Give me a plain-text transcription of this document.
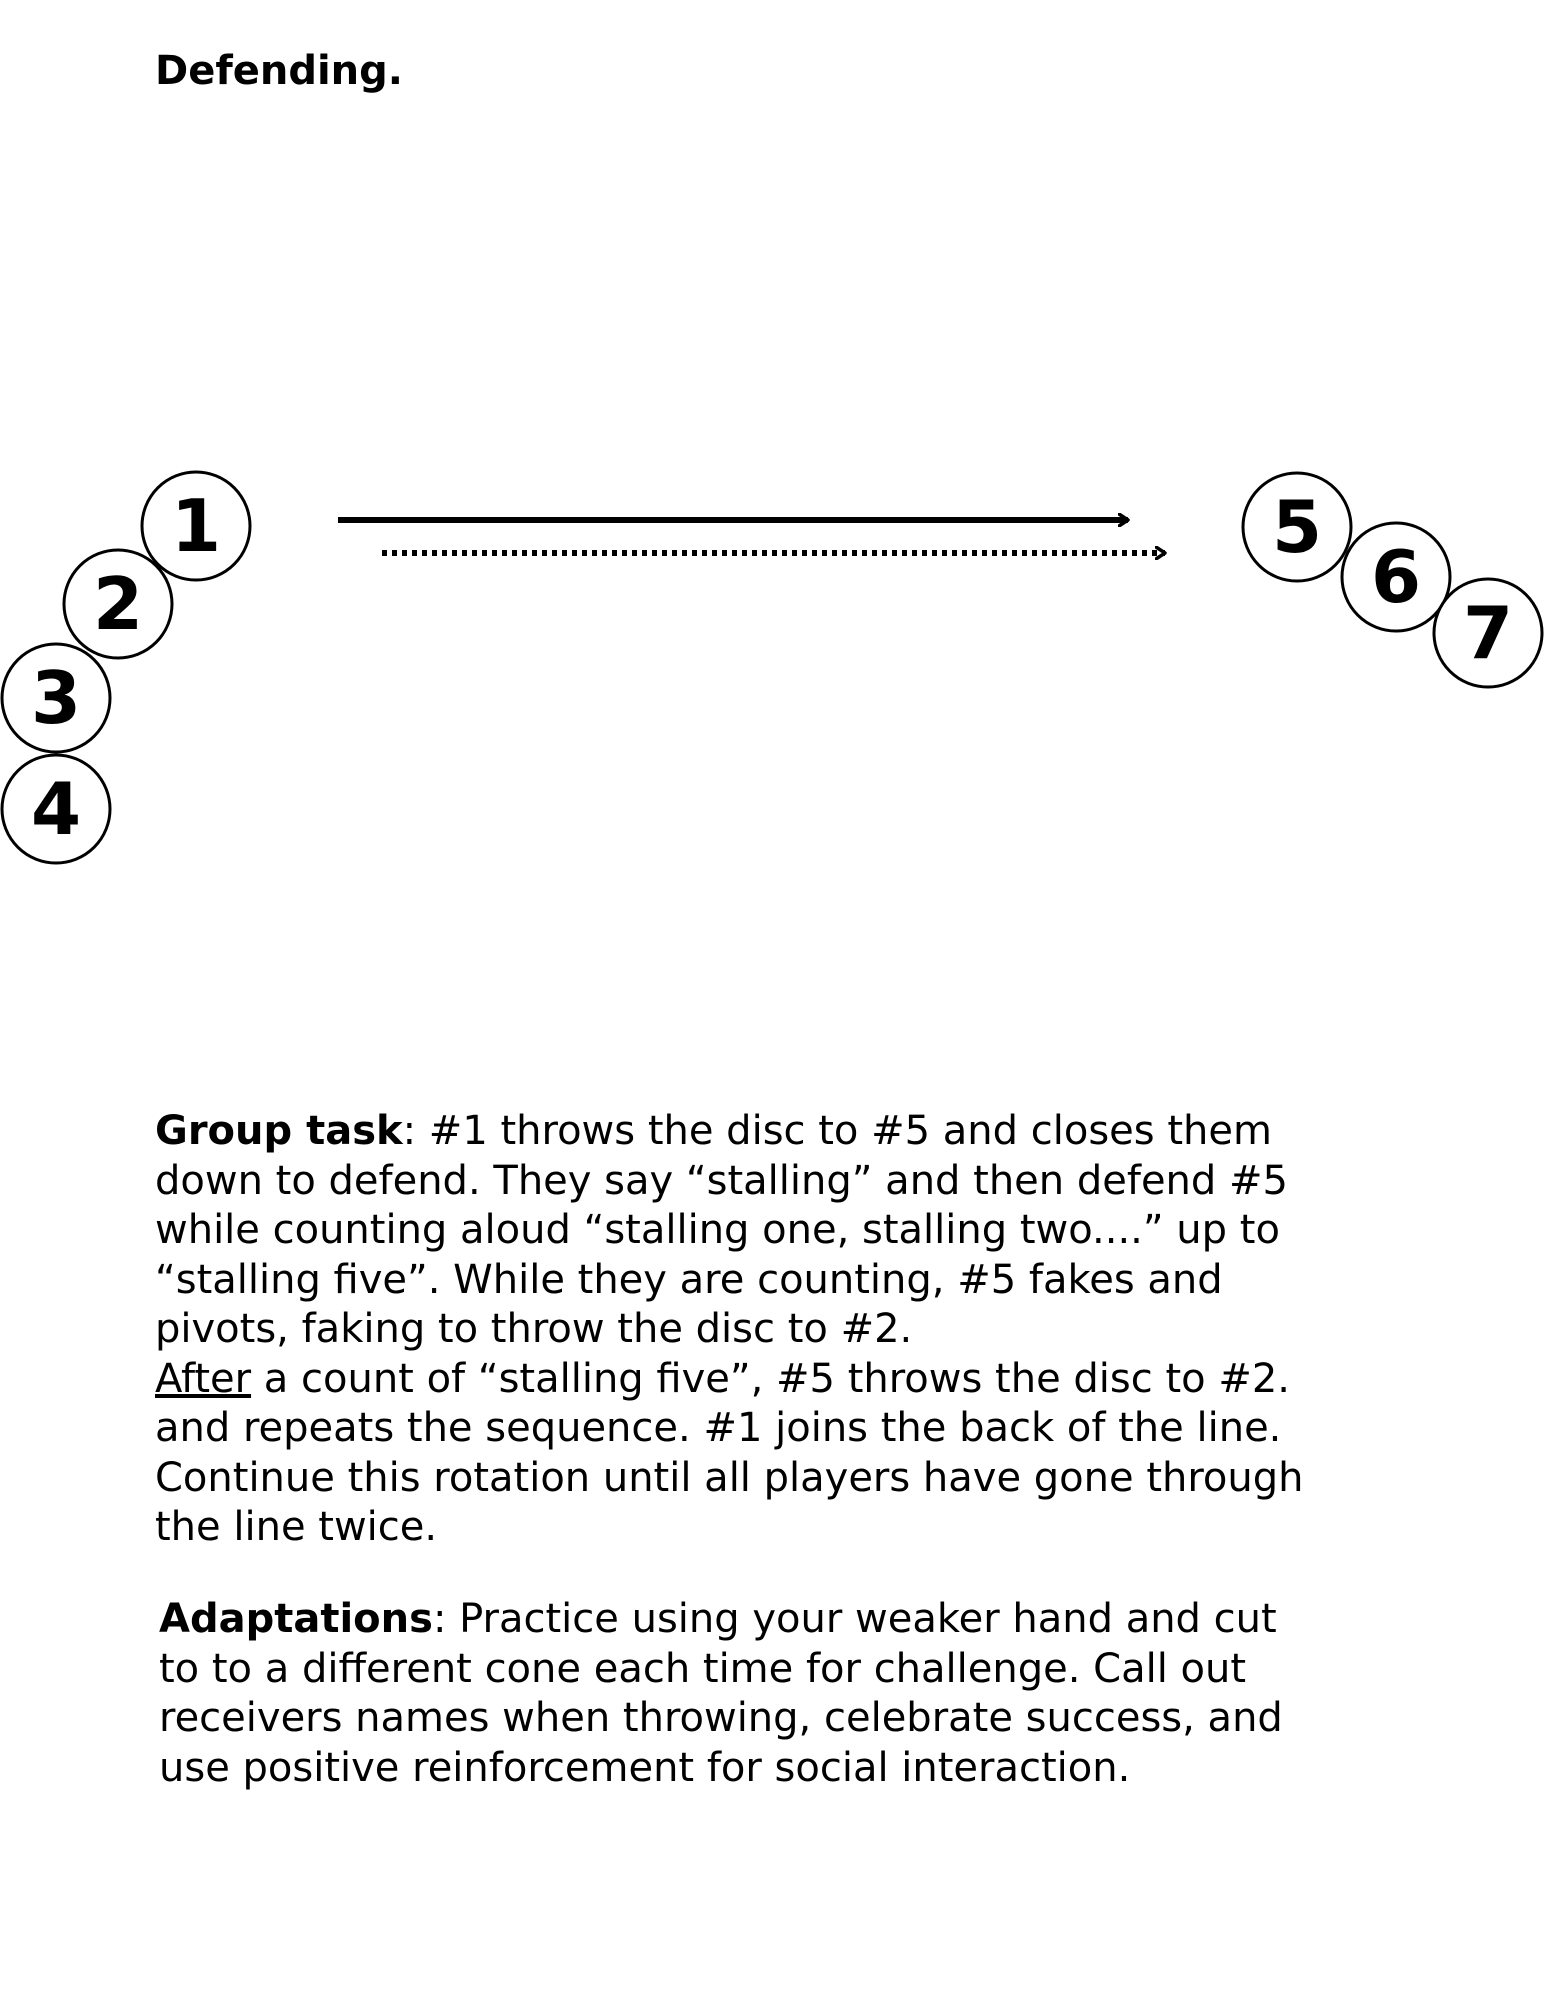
Defending.
1
2
3
4
5
6
7
Group task: #1 throws the disc to #5 and closes them
down to defend. They say “stalling” and then defend #5
while counting aloud “stalling one, stalling two....” up to
“stalling five”. While they are counting, #5 fakes and
pivots, faking to throw the disc to #2.
After a count of “stalling five”, #5 throws the disc to #2.
and repeats the sequence. #1 joins the back of the line.
Continue this rotation until all players have gone through
the line twice.
Adaptations: Practice using your weaker hand and cut
to to a different cone each time for challenge. Call out
receivers names when throwing, celebrate success, and
use positive reinforcement for social interaction.
